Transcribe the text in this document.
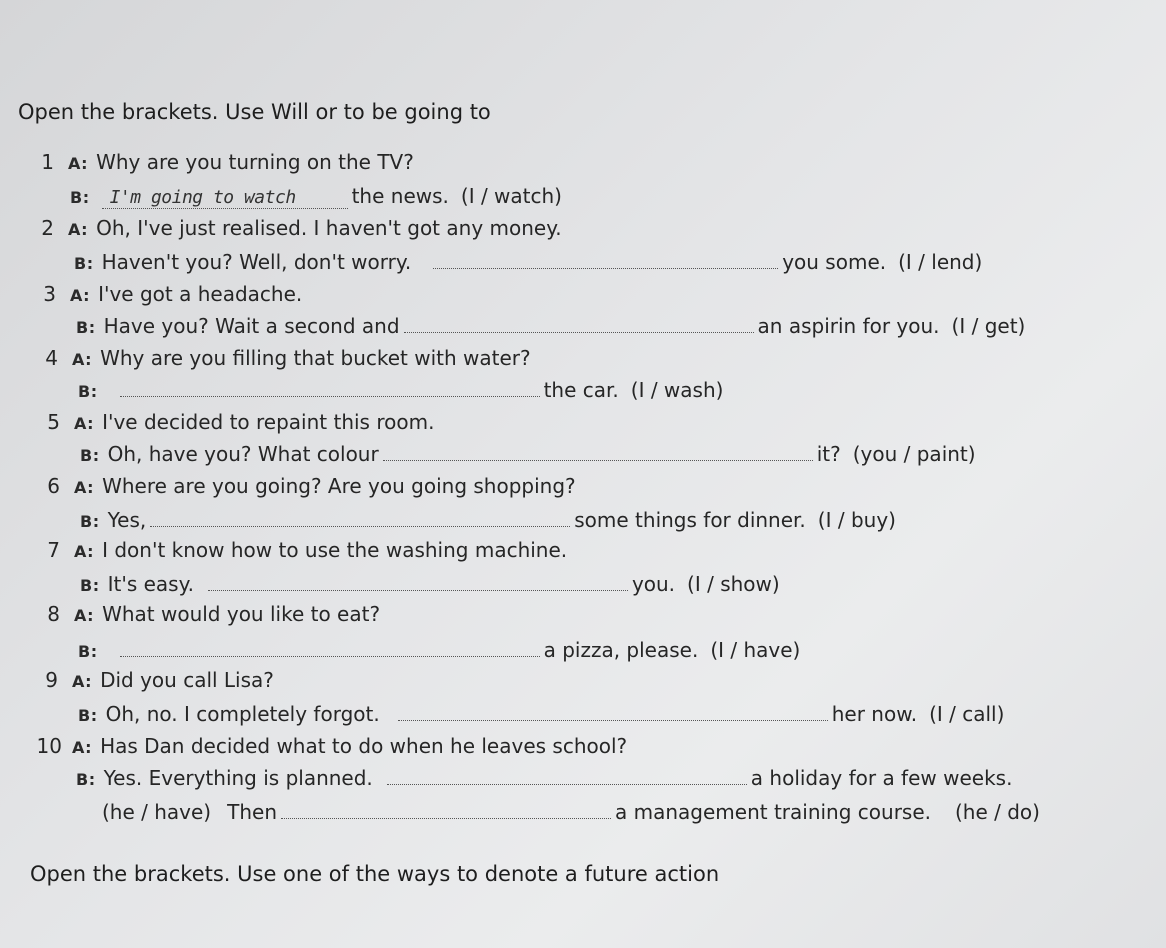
Open the brackets. Use Will or to be going to
1 A: Why are you turning on the TV?
B: I'm going to watch	the news. (I / watch)
2 A: Oh, I've just realised. I haven't got any money.
B: Haven't you? Well, don't worry.	you some. (I / lend)
3 A: I've got a headache.
B: Have you? Wait a second and	an aspirin for you. (I / get)
4 A: Why are you filling that bucket with water?
B:	the car. (I / wash)
5 A: I've decided to repaint this room.
B: Oh, have you? What colour	it? (you / paint)
6 A: Where are you going? Are you going shopping?
B: Yes,	some things for dinner. (I / buy)
7 A: I don't know how to use the washing machine.
B: It's easy.	you. (I / show)
8 A: What would you like to eat?
B:	a pizza, please. (I / have)
9 A: Did you call Lisa?
B: Oh, no. I completely forgot.	her now. (I / call)
10 A: Has Dan decided what to do when he leaves school?
B: Yes. Everything is planned.	a holiday for a few weeks.
(he / have) Then	a management training course. (he / do)
Open the brackets. Use one of the ways to denote a future action
